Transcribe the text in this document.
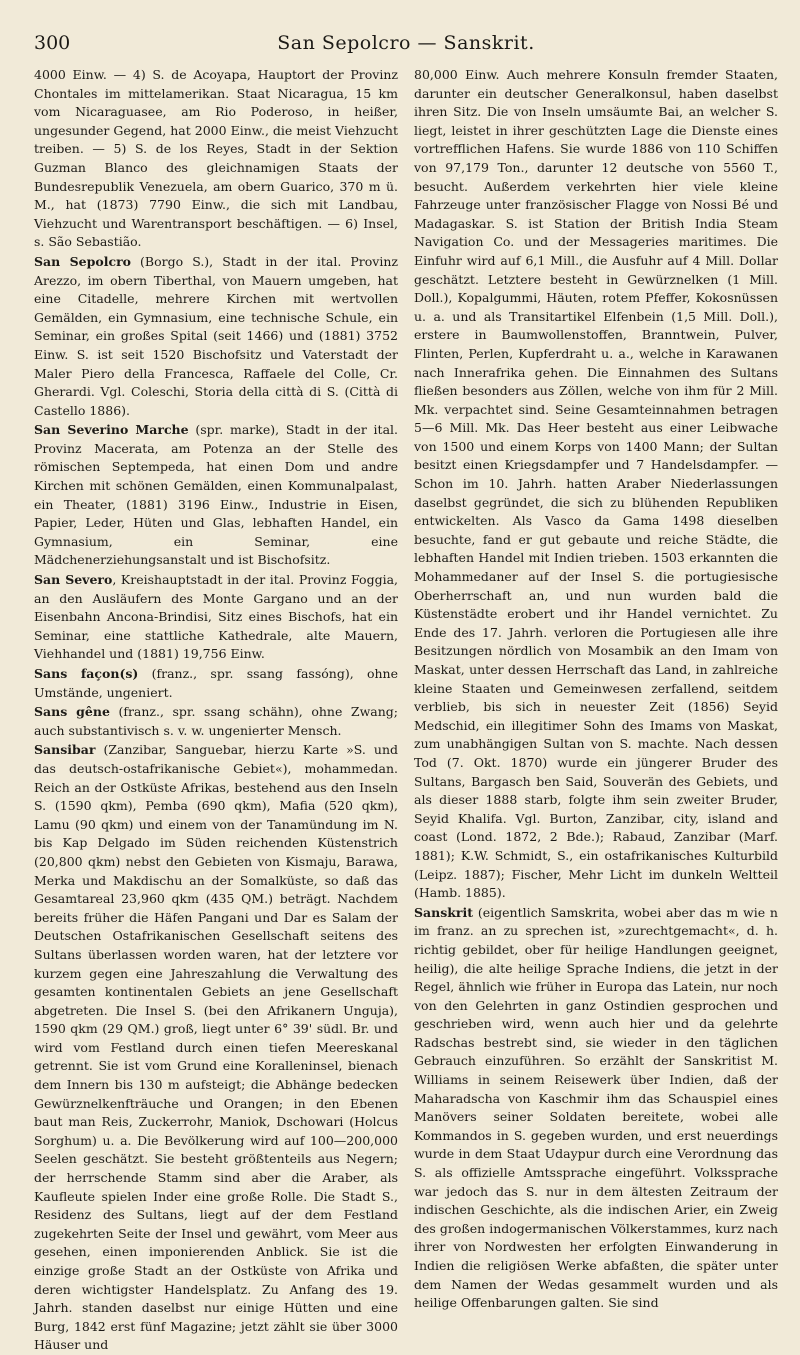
300	San Sepolcro — Sanskrit.

4000 Einw. — 4) S. de Acoyapa, Hauptort der Provinz Chontales im mittelamerikan. Staat Nicaragua, 15 km vom Nicaraguasee, am Rio Poderoso, in heißer, ungesunder Gegend, hat 2000 Einw., die meist Viehzucht treiben. — 5) S. de los Reyes, Stadt in der Sektion Guzman Blanco des gleichnamigen Staats der Bundesrepublik Venezuela, am obern Guarico, 370 m ü. M., hat (1873) 7790 Einw., die sich mit Landbau, Viehzucht und Warentransport beschäftigen. — 6) Insel, s. São Sebastião.

San Sepolcro (Borgo S.), Stadt in der ital. Provinz Arezzo, im obern Tiberthal, von Mauern umgeben, hat eine Citadelle, mehrere Kirchen mit wertvollen Gemälden, ein Gymnasium, eine technische Schule, ein Seminar, ein großes Spital (seit 1466) und (1881) 3752 Einw. S. ist seit 1520 Bischofsitz und Vaterstadt der Maler Piero della Francesca, Raffaele del Colle, Cr. Gherardi. Vgl. Coleschi, Storia della città di S. (Città di Castello 1886).

San Severino Marche (spr. marke), Stadt in der ital. Provinz Macerata, am Potenza an der Stelle des römischen Septempeda, hat einen Dom und andre Kirchen mit schönen Gemälden, einen Kommunalpalast, ein Theater, (1881) 3196 Einw., Industrie in Eisen, Papier, Leder, Hüten und Glas, lebhaften Handel, ein Gymnasium, ein Seminar, eine Mädchenerziehungsanstalt und ist Bischofsitz.

San Severo, Kreishauptstadt in der ital. Provinz Foggia, an den Ausläufern des Monte Gargano und an der Eisenbahn Ancona-Brindisi, Sitz eines Bischofs, hat ein Seminar, eine stattliche Kathedrale, alte Mauern, Viehhandel und (1881) 19,756 Einw.

Sans façon(s) (franz., spr. ssang fassóng), ohne Umstände, ungeniert.

Sans gêne (franz., spr. ssang schähn), ohne Zwang; auch substantivisch s. v. w. ungenierter Mensch.

Sansibar (Zanzibar, Sanguebar, hierzu Karte »S. und das deutsch-ostafrikanische Gebiet«), mohammedan. Reich an der Ostküste Afrikas, bestehend aus den Inseln S. (1590 qkm), Pemba (690 qkm), Mafia (520 qkm), Lamu (90 qkm) und einem von der Tanamündung im N. bis Kap Delgado im Süden reichenden Küstenstrich (20,800 qkm) nebst den Gebieten von Kismaju, Barawa, Merka und Makdischu an der Somalküste, so daß das Gesamtareal 23,960 qkm (435 QM.) beträgt. Nachdem bereits früher die Häfen Pangani und Dar es Salam der Deutschen Ostafrikanischen Gesellschaft seitens des Sultans überlassen worden waren, hat der letztere vor kurzem gegen eine Jahreszahlung die Verwaltung des gesamten kontinentalen Gebiets an jene Gesellschaft abgetreten. Die Insel S. (bei den Afrikanern Unguja), 1590 qkm (29 QM.) groß, liegt unter 6° 39' südl. Br. und wird vom Festland durch einen tiefen Meereskanal getrennt. Sie ist vom Grund eine Koralleninsel, bienach dem Innern bis 130 m aufsteigt; die Abhänge bedecken Gewürznelkenfträuche und Orangen; in den Ebenen baut man Reis, Zuckerrohr, Maniok, Dschowari (Holcus Sorghum) u. a. Die Bevölkerung wird auf 100—200,000 Seelen geschätzt. Sie besteht größtenteils aus Negern; der herrschende Stamm sind aber die Araber, als Kaufleute spielen Inder eine große Rolle. Die Stadt S., Residenz des Sultans, liegt auf der dem Festland zugekehrten Seite der Insel und gewährt, vom Meer aus gesehen, einen imponierenden Anblick. Sie ist die einzige große Stadt an der Ostküste von Afrika und deren wichtigster Handelsplatz. Zu Anfang des 19. Jahrh. standen daselbst nur einige Hütten und eine Burg, 1842 erst fünf Magazine; jetzt zählt sie über 3000 Häuser und

80,000 Einw. Auch mehrere Konsuln fremder Staaten, darunter ein deutscher Generalkonsul, haben daselbst ihren Sitz. Die von Inseln umsäumte Bai, an welcher S. liegt, leistet in ihrer geschützten Lage die Dienste eines vortrefflichen Hafens. Sie wurde 1886 von 110 Schiffen von 97,179 Ton., darunter 12 deutsche von 5560 T., besucht. Außerdem verkehrten hier viele kleine Fahrzeuge unter französischer Flagge von Nossi Bé und Madagaskar. S. ist Station der British India Steam Navigation Co. und der Messageries maritimes. Die Einfuhr wird auf 6,1 Mill., die Ausfuhr auf 4 Mill. Dollar geschätzt. Letztere besteht in Gewürznelken (1 Mill. Doll.), Kopalgummi, Häuten, rotem Pfeffer, Kokosnüssen u. a. und als Transitartikel Elfenbein (1,5 Mill. Doll.), erstere in Baumwollenstoffen, Branntwein, Pulver, Flinten, Perlen, Kupferdraht u. a., welche in Karawanen nach Innerafrika gehen. Die Einnahmen des Sultans fließen besonders aus Zöllen, welche von ihm für 2 Mill. Mk. verpachtet sind. Seine Gesamteinnahmen betragen 5—6 Mill. Mk. Das Heer besteht aus einer Leibwache von 1500 und einem Korps von 1400 Mann; der Sultan besitzt einen Kriegsdampfer und 7 Handelsdampfer. — Schon im 10. Jahrh. hatten Araber Niederlassungen daselbst gegründet, die sich zu blühenden Republiken entwickelten. Als Vasco da Gama 1498 dieselben besuchte, fand er gut gebaute und reiche Städte, die lebhaften Handel mit Indien trieben. 1503 erkannten die Mohammedaner auf der Insel S. die portugiesische Oberherrschaft an, und nun wurden bald die Küstenstädte erobert und ihr Handel vernichtet. Zu Ende des 17. Jahrh. verloren die Portugiesen alle ihre Besitzungen nördlich von Mosambik an den Imam von Maskat, unter dessen Herrschaft das Land, in zahlreiche kleine Staaten und Gemeinwesen zerfallend, seitdem verblieb, bis sich in neuester Zeit (1856) Seyid Medschid, ein illegitimer Sohn des Imams von Maskat, zum unabhängigen Sultan von S. machte. Nach dessen Tod (7. Okt. 1870) wurde ein jüngerer Bruder des Sultans, Bargasch ben Said, Souverän des Gebiets, und als dieser 1888 starb, folgte ihm sein zweiter Bruder, Seyid Khalifa. Vgl. Burton, Zanzibar, city, island and coast (Lond. 1872, 2 Bde.); Rabaud, Zanzibar (Marf. 1881); K.W. Schmidt, S., ein ostafrikanisches Kulturbild (Leipz. 1887); Fischer, Mehr Licht im dunkeln Weltteil (Hamb. 1885).

Sanskrit (eigentlich Samskrita, wobei aber das m wie n im franz. an zu sprechen ist, »zurechtgemacht«, d. h. richtig gebildet, ober für heilige Handlungen geeignet, heilig), die alte heilige Sprache Indiens, die jetzt in der Regel, ähnlich wie früher in Europa das Latein, nur noch von den Gelehrten in ganz Ostindien gesprochen und geschrieben wird, wenn auch hier und da gelehrte Radschas bestrebt sind, sie wieder in den täglichen Gebrauch einzuführen. So erzählt der Sanskritist M. Williams in seinem Reisewerk über Indien, daß der Maharadscha von Kaschmir ihm das Schauspiel eines Manövers seiner Soldaten bereitete, wobei alle Kommandos in S. gegeben wurden, und erst neuerdings wurde in dem Staat Udaypur durch eine Verordnung das S. als offizielle Amtssprache eingeführt. Volkssprache war jedoch das S. nur in dem ältesten Zeitraum der indischen Geschichte, als die indischen Arier, ein Zweig des großen indogermanischen Völkerstammes, kurz nach ihrer von Nordwesten her erfolgten Einwanderung in Indien die religiösen Werke abfaßten, die später unter dem Namen der Wedas gesammelt wurden und als heilige Offenbarungen galten. Sie sind
